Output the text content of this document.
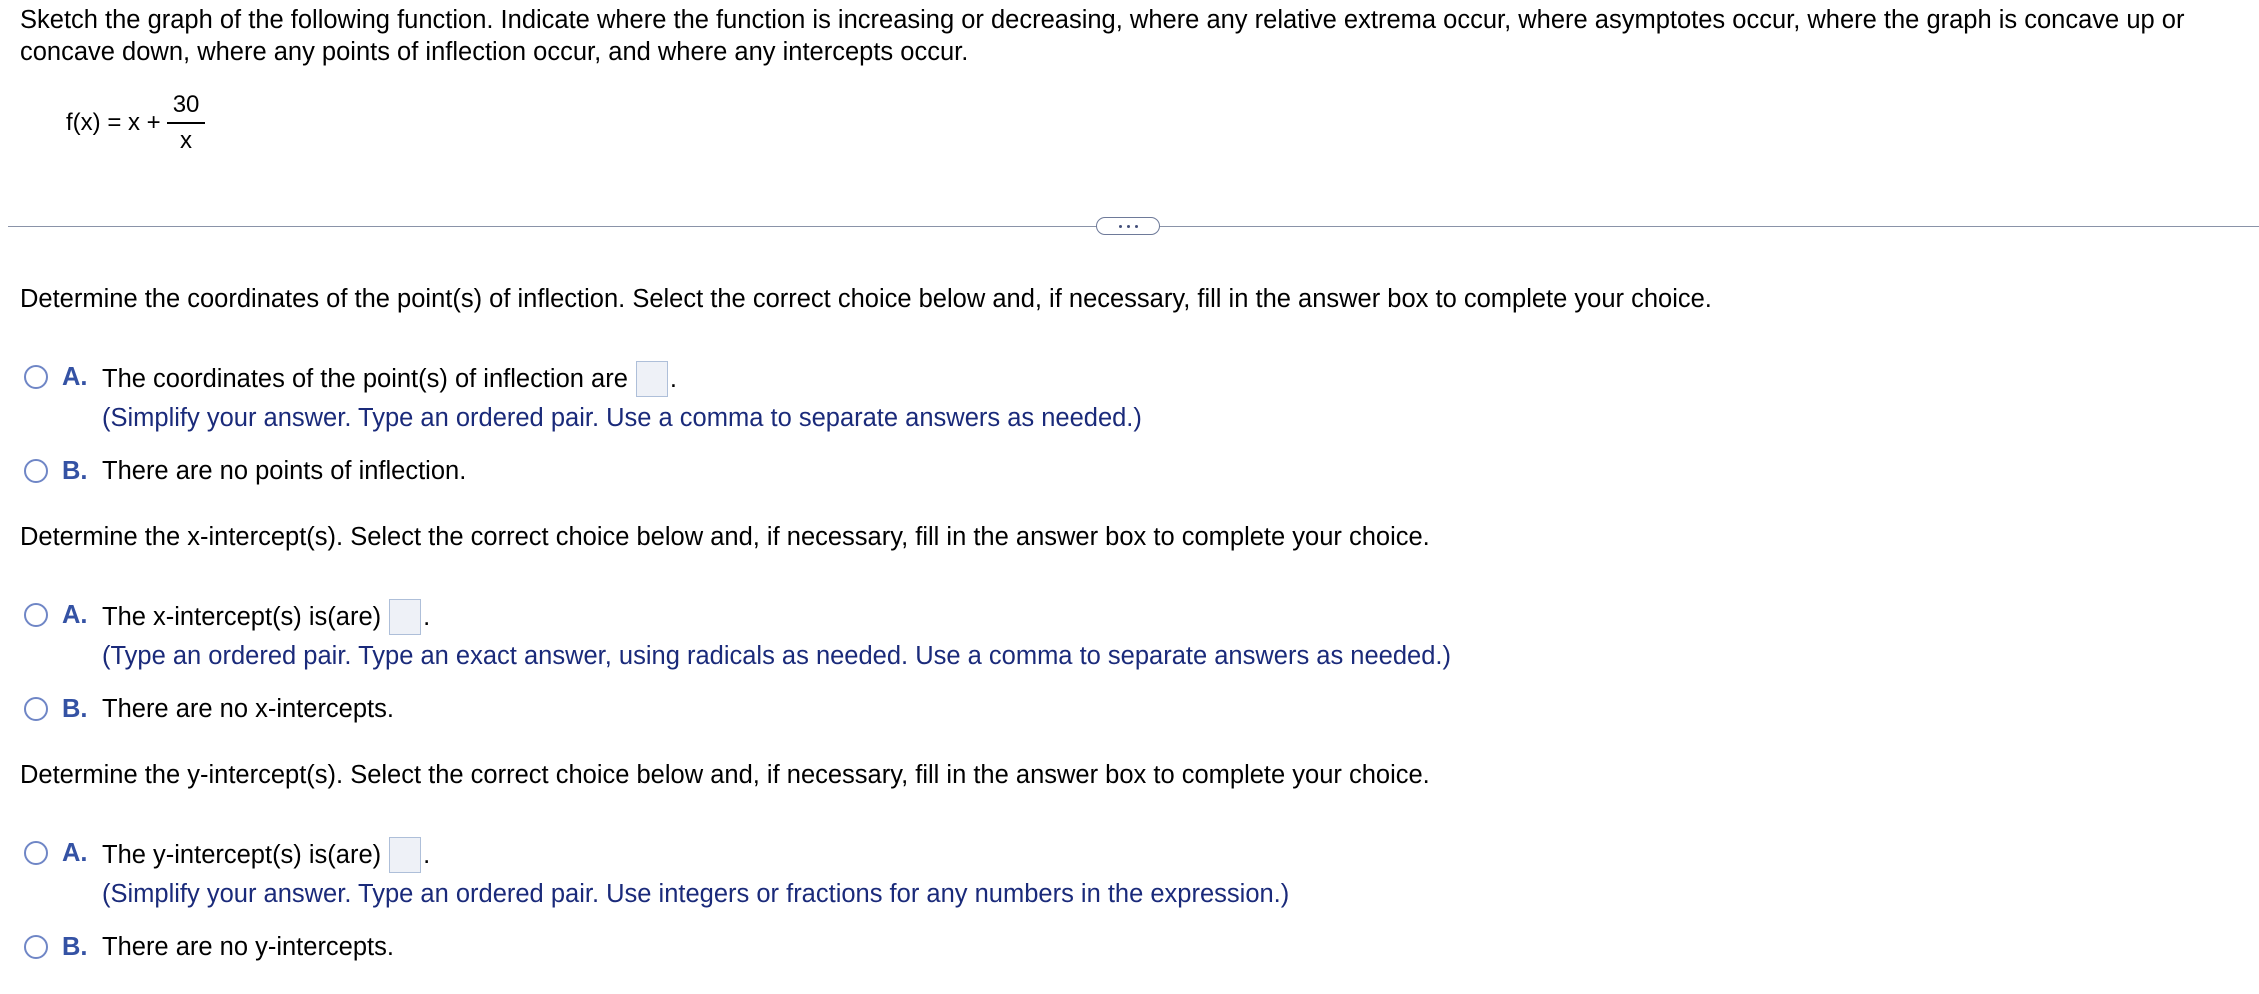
Sketch the graph of the following function. Indicate where the function is increasing or decreasing, where any relative extrema occur, where asymptotes occur, where the graph is concave up or concave down, where any points of inflection occur, and where any intercepts occur.
$f(x) = x + \frac{30}{x}$
Determine the coordinates of the point(s) of inflection. Select the correct choice below and, if necessary, fill in the answer box to complete your choice.
A. The coordinates of the point(s) of inflection are .
(Simplify your answer. Type an ordered pair. Use a comma to separate answers as needed.)
B. There are no points of inflection.
Determine the x-intercept(s). Select the correct choice below and, if necessary, fill in the answer box to complete your choice.
A. The x-intercept(s) is(are) .
(Type an ordered pair. Type an exact answer, using radicals as needed. Use a comma to separate answers as needed.)
B. There are no x-intercepts.
Determine the y-intercept(s). Select the correct choice below and, if necessary, fill in the answer box to complete your choice.
A. The y-intercept(s) is(are) .
(Simplify your answer. Type an ordered pair. Use integers or fractions for any numbers in the expression.)
B. There are no y-intercepts.
